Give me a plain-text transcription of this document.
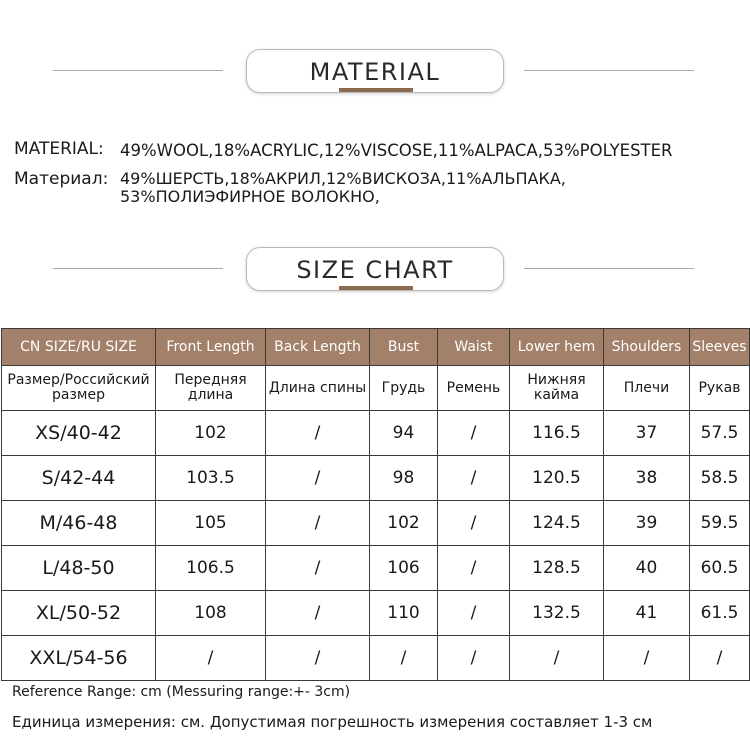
MATERIAL
MATERIAL: 49%WOOL,18%ACRYLIC,12%VISCOSE,11%ALPACA,53%POLYESTER
Материал: 49%ШЕРСТЬ,18%АКРИЛ,12%ВИСКОЗА,11%АЛЬПАКА,
53%ПОЛИЭФИРНОЕ ВОЛОКНО,
SIZE CHART
CN SIZE/RU SIZE	Front Length	Back Length	Bust	Waist	Lower hem	Shoulders	Sleeves
Размер/Российский размер	Передняя длина	Длина спины	Грудь	Ремень	Нижняя кайма	Плечи	Рукав
XS/40-42	102	/	94	/	116.5	37	57.5
S/42-44	103.5	/	98	/	120.5	38	58.5
M/46-48	105	/	102	/	124.5	39	59.5
L/48-50	106.5	/	106	/	128.5	40	60.5
XL/50-52	108	/	110	/	132.5	41	61.5
XXL/54-56	/	/	/	/	/	/	/
Reference Range: cm (Messuring range:+- 3cm)
Единица измерения: см. Допустимая погрешность измерения составляет 1-3 см
